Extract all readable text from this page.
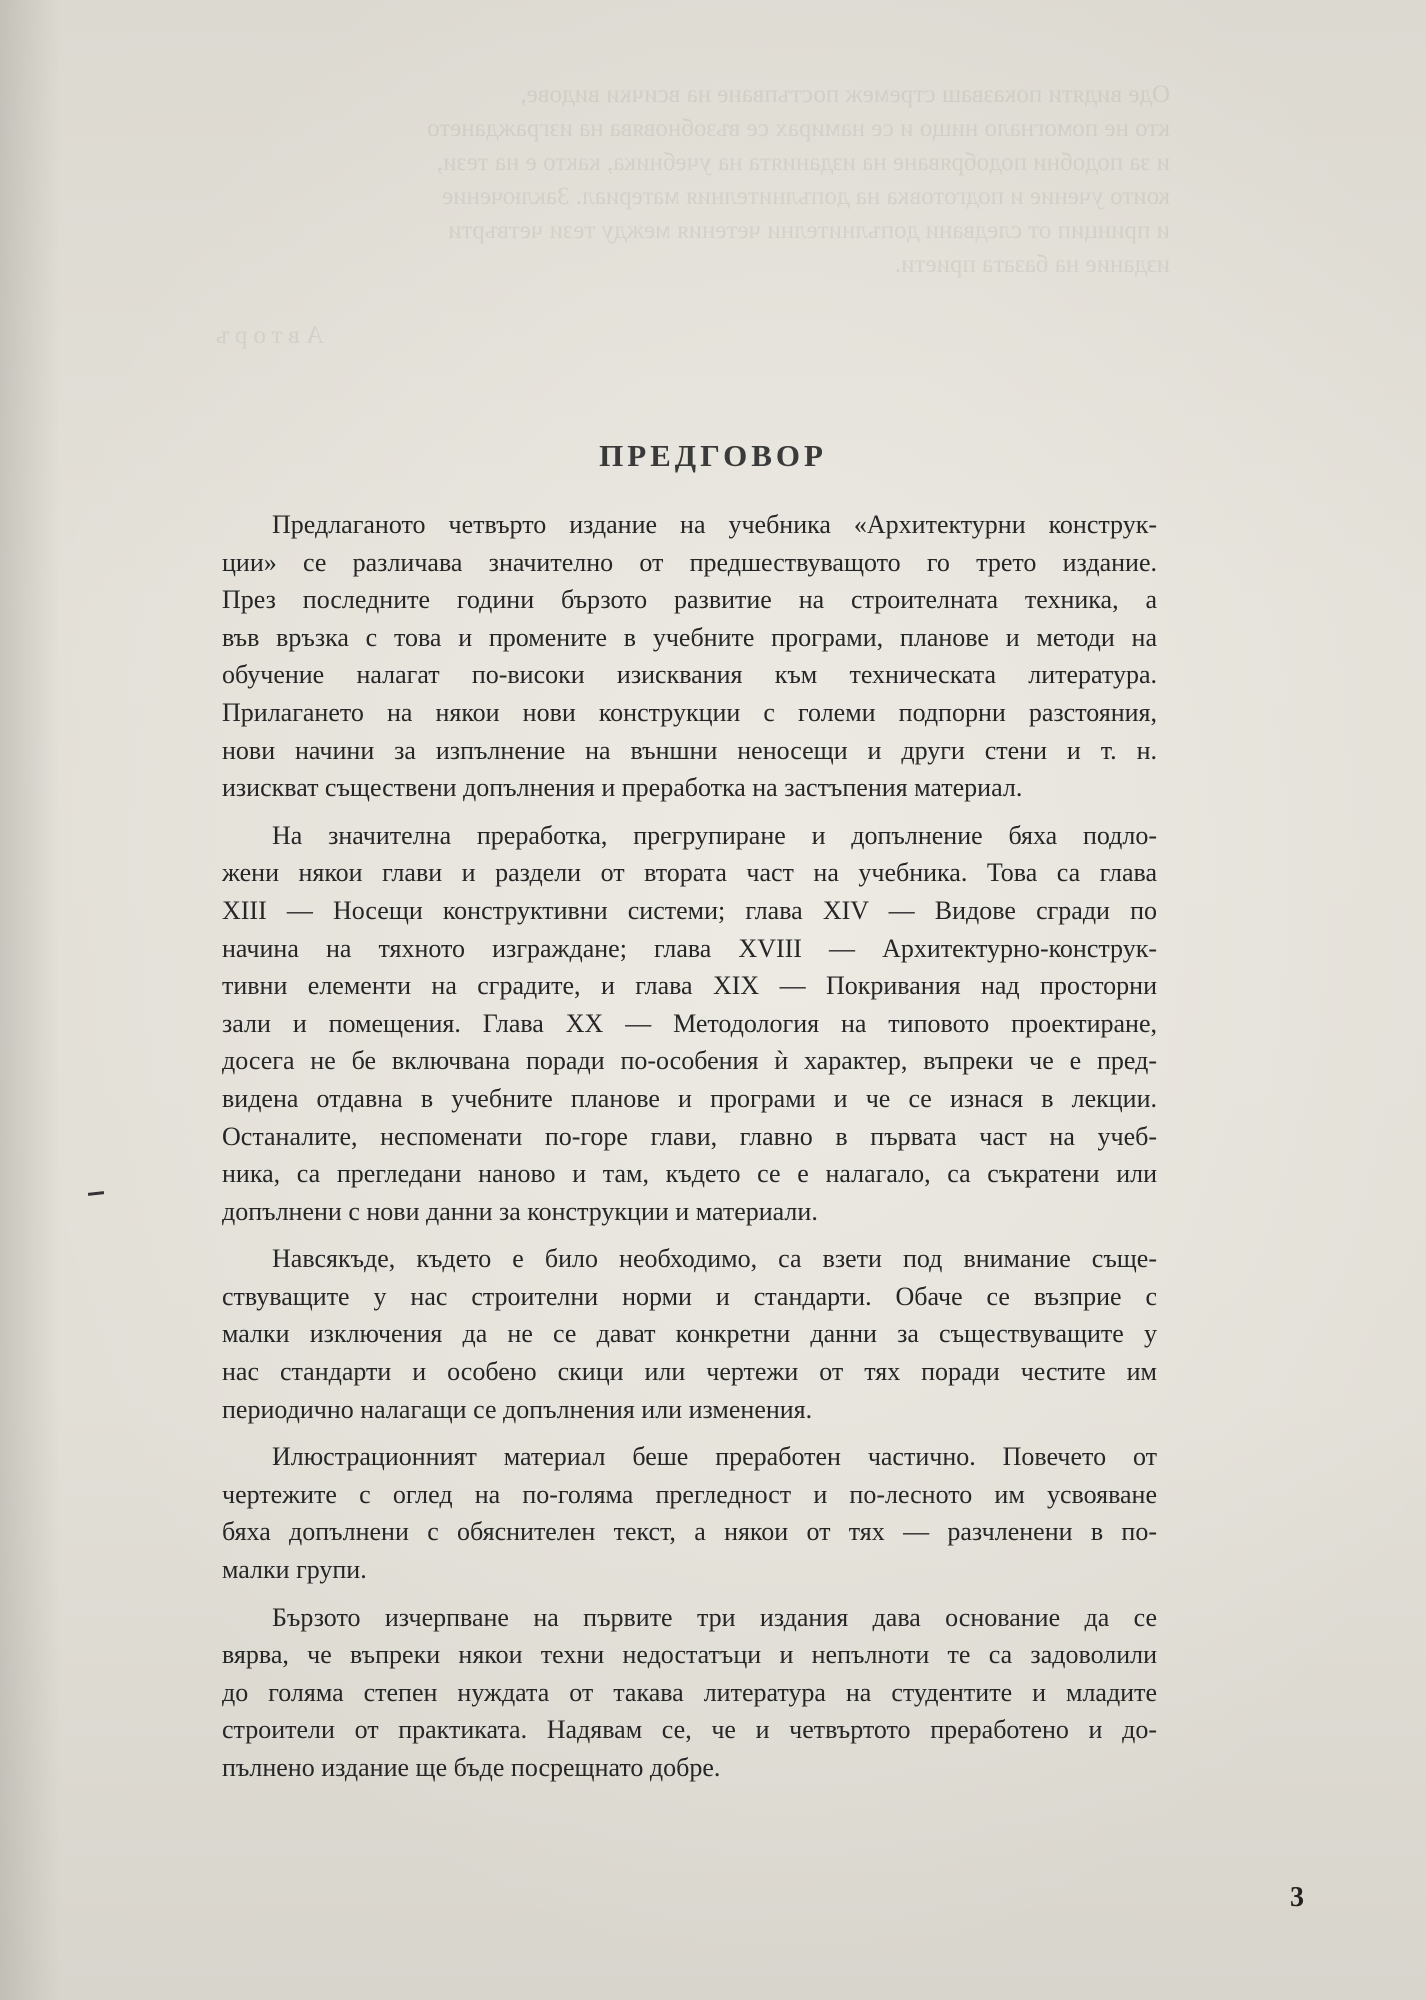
Оде видяти показваш стремеж постъпване на всички видове,
кто не помогнало нищо и се намирах се възобновява на изграждането
и за подобни подобряване на изданията на учебника, както е на тези,
които учение и подготовка на допълнителния материал. Заключение
и принцип от следвани допълнителни четения между тези четвърти
издание на базата приети.
Авторъ
ПРЕДГОВОР
Предлаганото четвърто издание на учебника «Архитектурни конструк-
ции» се различава значително от предшествуващото го трето издание.
През последните години бързото развитие на строителната техника, а
във връзка с това и промените в учебните програми, планове и методи на
обучение налагат по-високи изисквания към техническата литература.
Прилагането на някои нови конструкции с големи подпорни разстояния,
нови начини за изпълнение на външни неносещи и други стени и т. н.
изискват съществени допълнения и преработка на застъпения материал.
На значителна преработка, прегрупиране и допълнение бяха подло-
жени някои глави и раздели от втората част на учебника. Това са глава
XIII — Носещи конструктивни системи; глава XIV — Видове сгради по
начина на тяхното изграждане; глава XVIII — Архитектурно-конструк-
тивни елементи на сградите, и глава XIX — Покривания над просторни
зали и помещения. Глава XX — Методология на типовото проектиране,
досега не бе включвана поради по-особения ѝ характер, въпреки че е пред-
видена отдавна в учебните планове и програми и че се изнася в лекции.
Останалите, неспоменати по-горе глави, главно в първата част на учеб-
ника, са прегледани наново и там, където се е налагало, са съкратени или
допълнени с нови данни за конструкции и материали.
Навсякъде, където е било необходимо, са взети под внимание съще-
ствуващите у нас строителни норми и стандарти. Обаче се възприе с
малки изключения да не се дават конкретни данни за съществуващите у
нас стандарти и особено скици или чертежи от тях поради честите им
периодично налагащи се допълнения или изменения.
Илюстрационният материал беше преработен частично. Повечето от
чертежите с оглед на по-голяма прегледност и по-лесното им усвояване
бяха допълнени с обяснителен текст, а някои от тях — разчленени в по-
малки групи.
Бързото изчерпване на първите три издания дава основание да се
вярва, че въпреки някои техни недостатъци и непълноти те са задоволили
до голяма степен нуждата от такава литература на студентите и младите
строители от практиката. Надявам се, че и четвъртото преработено и до-
пълнено издание ще бъде посрещнато добре.
3
